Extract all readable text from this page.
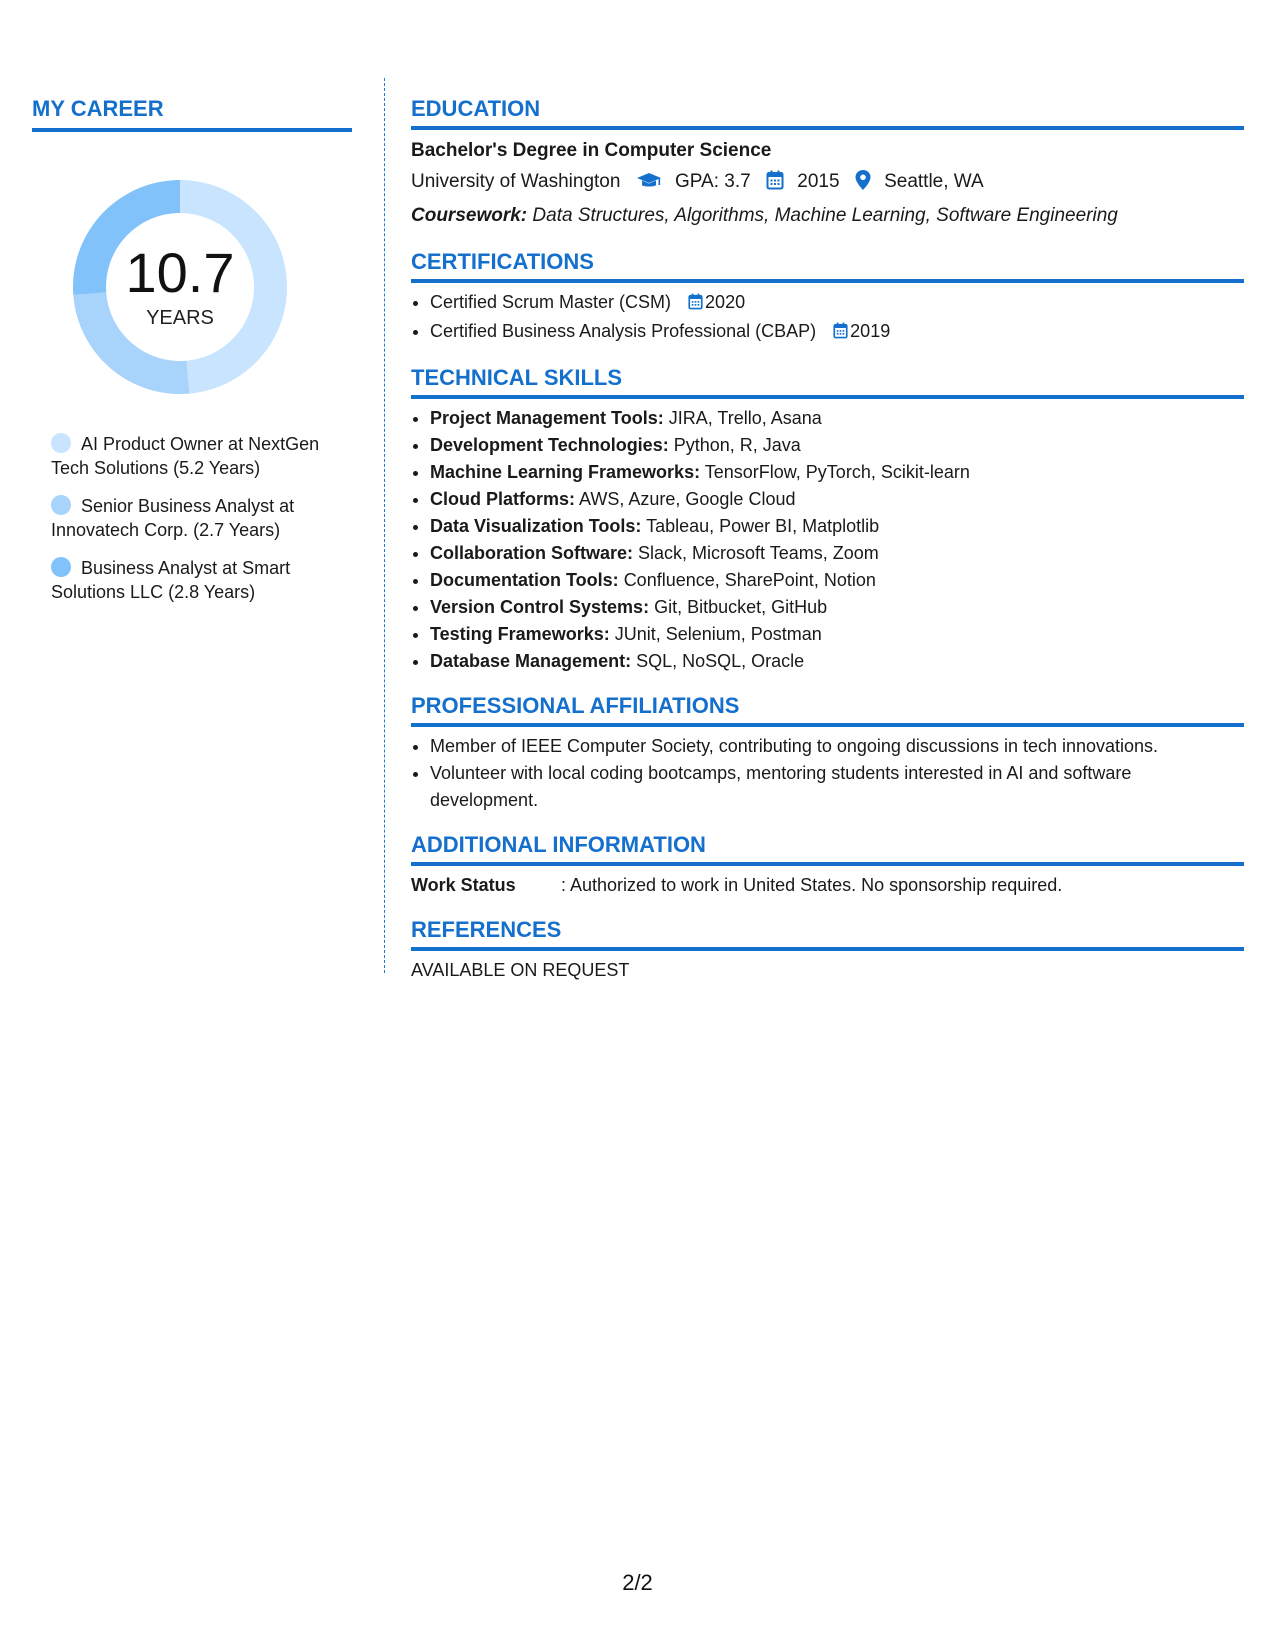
MY CAREER
10.7
YEARS
AI Product Owner at NextGen Tech Solutions (5.2 Years)
Senior Business Analyst at Innovatech Corp. (2.7 Years)
Business Analyst at Smart Solutions LLC (2.8 Years)
EDUCATION
Bachelor's Degree in Computer Science
University of Washington	GPA: 3.7 2015 Seattle, WA
Coursework: Data Structures, Algorithms, Machine Learning, Software Engineering
CERTIFICATIONS
• Certified Scrum Master (CSM) 2020
• Certified Business Analysis Professional (CBAP) 2019
TECHNICAL SKILLS
• Project Management Tools: JIRA, Trello, Asana
• Development Technologies: Python, R, Java
• Machine Learning Frameworks: TensorFlow, PyTorch, Scikit-learn
• Cloud Platforms: AWS, Azure, Google Cloud
• Data Visualization Tools: Tableau, Power BI, Matplotlib
• Collaboration Software: Slack, Microsoft Teams, Zoom
• Documentation Tools: Confluence, SharePoint, Notion
• Version Control Systems: Git, Bitbucket, GitHub
• Testing Frameworks: JUnit, Selenium, Postman
• Database Management: SQL, NoSQL, Oracle
PROFESSIONAL AFFILIATIONS
• Member of IEEE Computer Society, contributing to ongoing discussions in tech innovations.
• Volunteer with local coding bootcamps, mentoring students interested in AI and software development.
ADDITIONAL INFORMATION
Work Status	: Authorized to work in United States. No sponsorship required.
REFERENCES
AVAILABLE ON REQUEST
2/2
